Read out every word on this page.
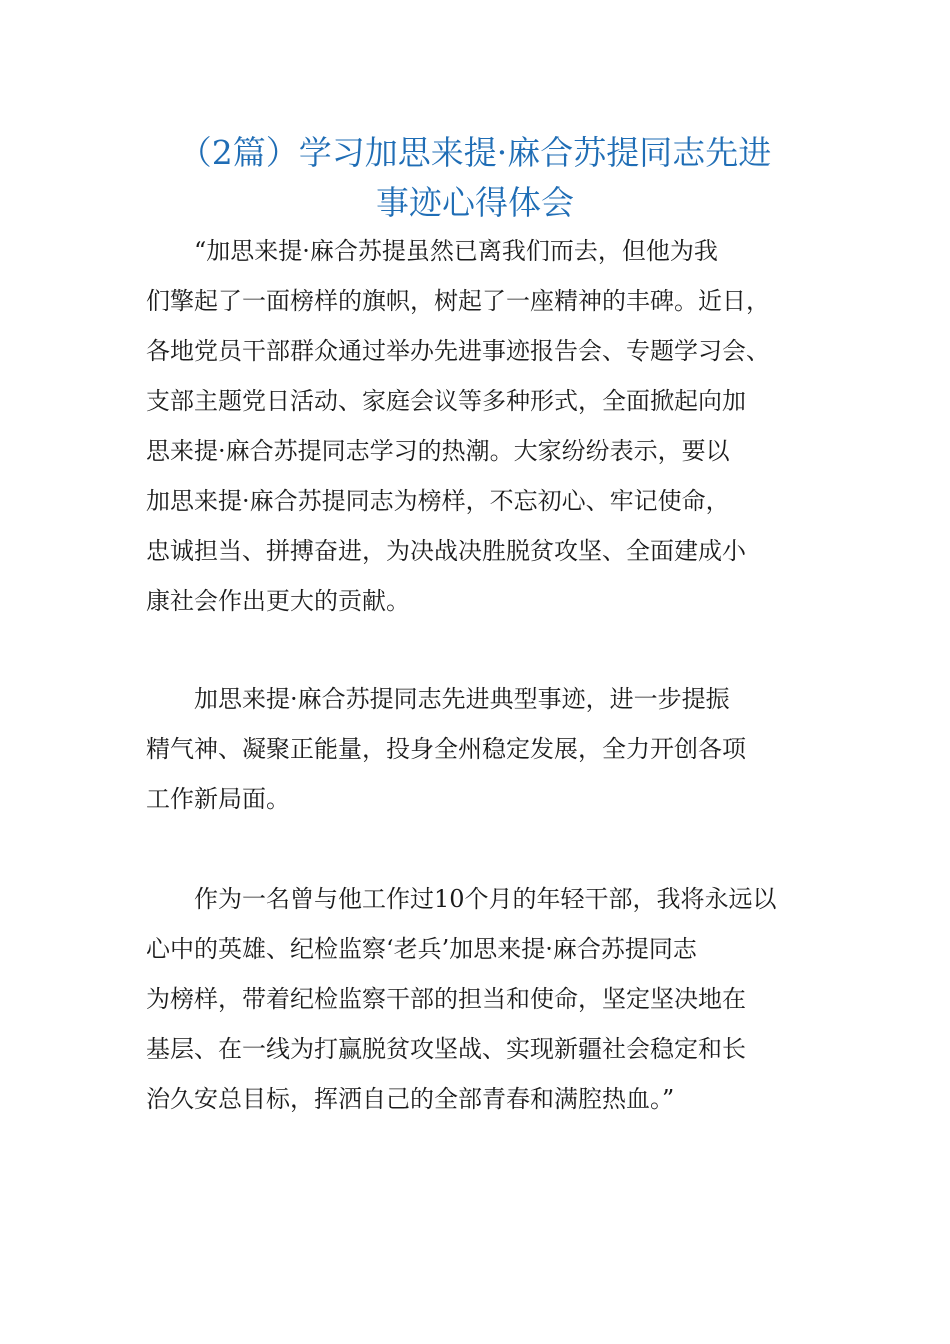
（2篇）学习加思来提·麻合苏提同志先进
事迹心得体会

　　“加思来提·麻合苏提虽然已离我们而去，但他为我
们擎起了一面榜样的旗帜，树起了一座精神的丰碑。近日，
各地党员干部群众通过举办先进事迹报告会、专题学习会、
支部主题党日活动、家庭会议等多种形式，全面掀起向加
思来提·麻合苏提同志学习的热潮。大家纷纷表示，要以
加思来提·麻合苏提同志为榜样，不忘初心、牢记使命，
忠诚担当、拼搏奋进，为决战决胜脱贫攻坚、全面建成小
康社会作出更大的贡献。

　　加思来提·麻合苏提同志先进典型事迹，进一步提振
精气神、凝聚正能量，投身全州稳定发展，全力开创各项
工作新局面。

　　作为一名曾与他工作过10个月的年轻干部，我将永远以
心中的英雄、纪检监察‘老兵’加思来提·麻合苏提同志
为榜样，带着纪检监察干部的担当和使命，坚定坚决地在
基层、在一线为打赢脱贫攻坚战、实现新疆社会稳定和长
治久安总目标，挥洒自己的全部青春和满腔热血。”
